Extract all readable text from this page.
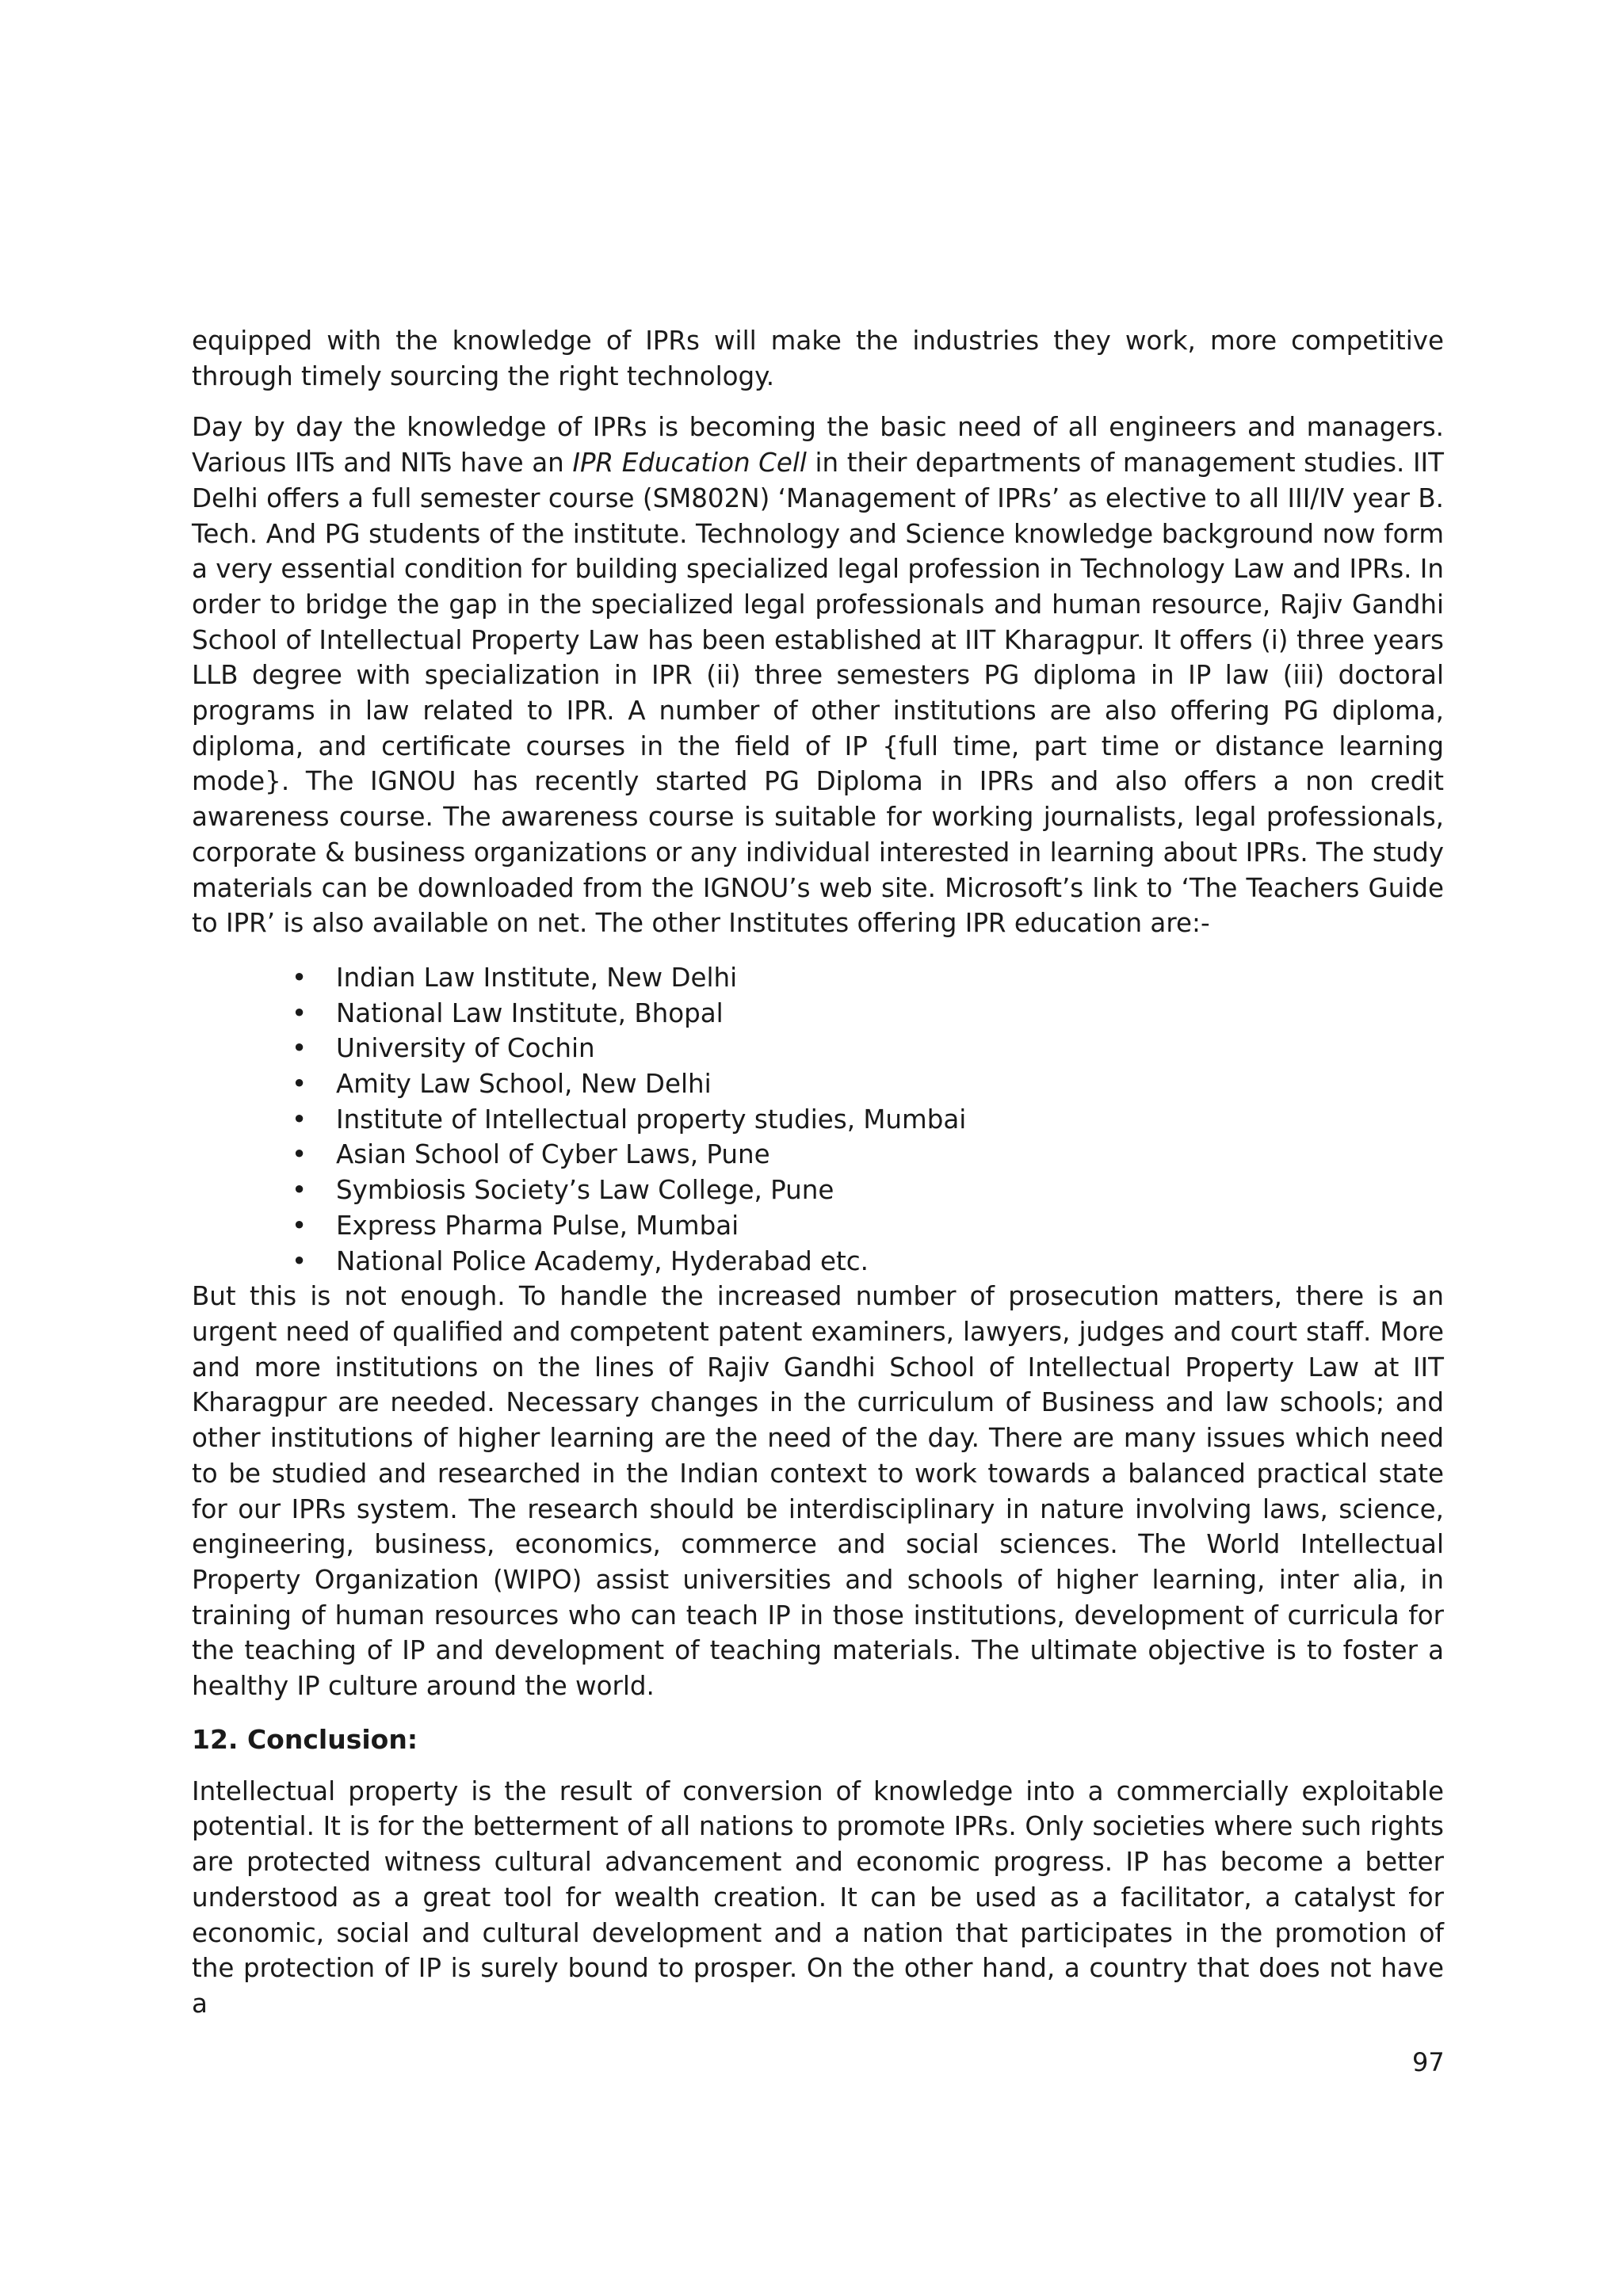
equipped with the knowledge of IPRs will make the industries they work, more competitive through timely sourcing the right technology.

Day by day the knowledge of IPRs is becoming the basic need of all engineers and managers. Various IITs and NITs have an IPR Education Cell in their departments of management studies. IIT Delhi offers a full semester course (SM802N) ‘Management of IPRs’ as elective to all III/IV year B. Tech. And PG students of the institute. Technology and Science knowledge background now form a very essential condition for building specialized legal profession in Technology Law and IPRs. In order to bridge the gap in the specialized legal professionals and human resource, Rajiv Gandhi School of Intellectual Property Law has been established at IIT Kharagpur. It offers (i) three years LLB degree with specialization in IPR (ii) three semesters PG diploma in IP law (iii) doctoral programs in law related to IPR. A number of other institutions are also offering PG diploma, diploma, and certificate courses in the field of IP {full time, part time or distance learning mode}. The IGNOU has recently started PG Diploma in IPRs and also offers a non credit awareness course. The awareness course is suitable for working journalists, legal professionals, corporate & business organizations or any individual interested in learning about IPRs. The study materials can be downloaded from the IGNOU’s web site. Microsoft’s link to ‘The Teachers Guide to IPR’ is also available on net. The other Institutes offering IPR education are:-

• Indian Law Institute, New Delhi
• National Law Institute, Bhopal
• University of Cochin
• Amity Law School, New Delhi
• Institute of Intellectual property studies, Mumbai
• Asian School of Cyber Laws, Pune
• Symbiosis Society’s Law College, Pune
• Express Pharma Pulse, Mumbai
• National Police Academy, Hyderabad etc.

But this is not enough. To handle the increased number of prosecution matters, there is an urgent need of qualified and competent patent examiners, lawyers, judges and court staff. More and more institutions on the lines of Rajiv Gandhi School of Intellectual Property Law at IIT Kharagpur are needed. Necessary changes in the curriculum of Business and law schools; and other institutions of higher learning are the need of the day. There are many issues which need to be studied and researched in the Indian context to work towards a balanced practical state for our IPRs system. The research should be interdisciplinary in nature involving laws, science, engineering, business, economics, commerce and social sciences. The World Intellectual Property Organization (WIPO) assist universities and schools of higher learning, inter alia, in training of human resources who can teach IP in those institutions, development of curricula for the teaching of IP and development of teaching materials. The ultimate objective is to foster a healthy IP culture around the world.

12. Conclusion:

Intellectual property is the result of conversion of knowledge into a commercially exploitable potential. It is for the betterment of all nations to promote IPRs. Only societies where such rights are protected witness cultural advancement and economic progress. IP has become a better understood as a great tool for wealth creation. It can be used as a facilitator, a catalyst for economic, social and cultural development and a nation that participates in the promotion of the protection of IP is surely bound to prosper. On the other hand, a country that does not have a

97
